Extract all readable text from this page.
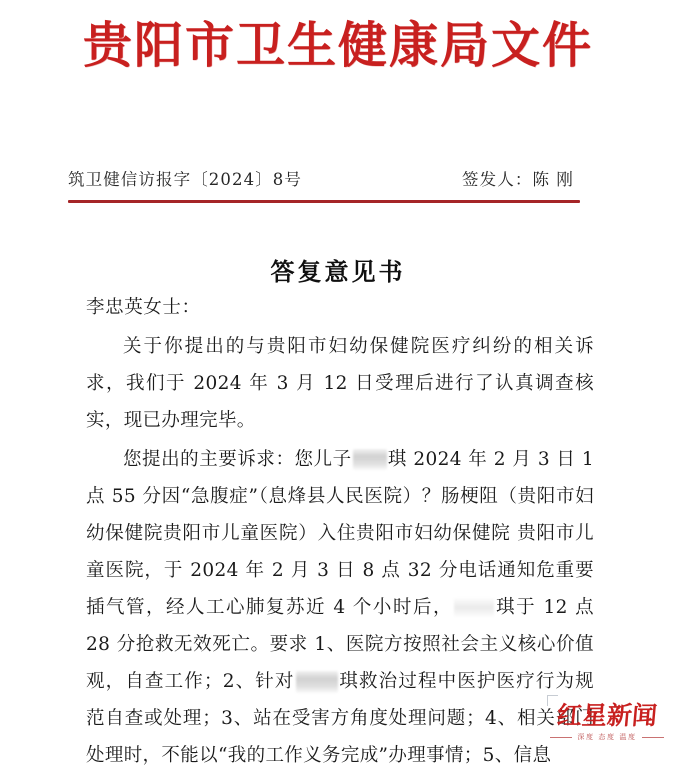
贵阳市卫生健康局文件
筑卫健信访报字〔2024〕8号	签发人：陈 刚
答复意见书

李忠英女士：

关于你提出的与贵阳市妇幼保健院医疗纠纷的相关诉求，我们于 2024 年 3 月 12 日受理后进行了认真调查核实，现已办理完毕。

您提出的主要诉求：您儿子 琪 2024 年 2 月 3 日 1 点 55 分因“急腹症”（息烽县人民医院）？肠梗阻（贵阳市妇幼保健院贵阳市儿童医院）入住贵阳市妇幼保健院 贵阳市儿童医院，于 2024 年 2 月 3 日 8 点 32 分电话通知危重要插气管，经人工心肺复苏近 4 个小时后， 琪于 12 点 28 分抢救无效死亡。要求 1、医院方按照社会主义核心价值观，自查工作；2、针对 琪救治过程中医护医疗行为规范自查或处理；3、站在受害方角度处理问题；4、相关部门处理时，不能以“我的工作义务完成”办理事情；5、信息

红星新闻
深度 态度 温度
